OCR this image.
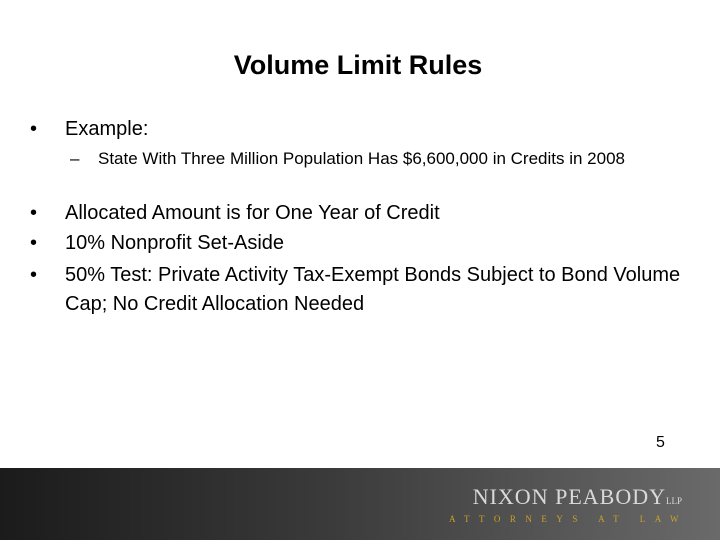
Volume Limit Rules
•	Example:
– State With Three Million Population Has $6,600,000 in Credits in 2008
•	Allocated Amount is for One Year of Credit
•	10% Nonprofit Set-Aside
•	50% Test: Private Activity Tax-Exempt Bonds Subject to Bond Volume Cap; No Credit Allocation Needed
5
NIXON PEABODYLLP
ATTORNEYS AT LAW
